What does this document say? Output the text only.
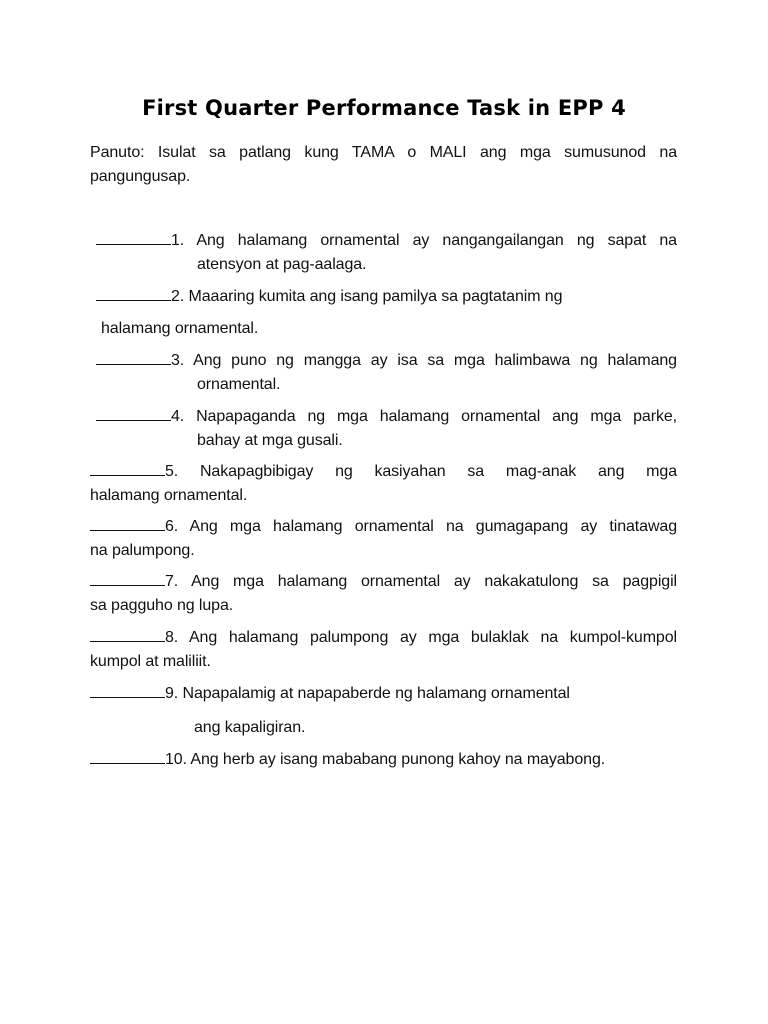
First Quarter Performance Task in EPP 4
Panuto: Isulat sa patlang kung TAMA o MALI ang mga sumusunod na
pangungusap.
1. Ang halamang ornamental ay nangangailangan ng sapat na
atensyon at pag-aalaga.
2. Maaaring kumita ang isang pamilya sa pagtatanim ng
halamang ornamental.
3. Ang puno ng mangga ay isa sa mga halimbawa ng halamang
ornamental.
4. Napapaganda ng mga halamang ornamental ang mga parke,
bahay at mga gusali.
5. Nakapagbibigay ng kasiyahan sa mag-anak ang mga
halamang ornamental.
6. Ang mga halamang ornamental na gumagapang ay tinatawag
na palumpong.
7. Ang mga halamang ornamental ay nakakatulong sa pagpigil
sa pagguho ng lupa.
8. Ang halamang palumpong ay mga bulaklak na kumpol-kumpol
kumpol at maliliit.
9. Napapalamig at napapaberde ng halamang ornamental
ang kapaligiran.
10. Ang herb ay isang mababang punong kahoy na mayabong.
